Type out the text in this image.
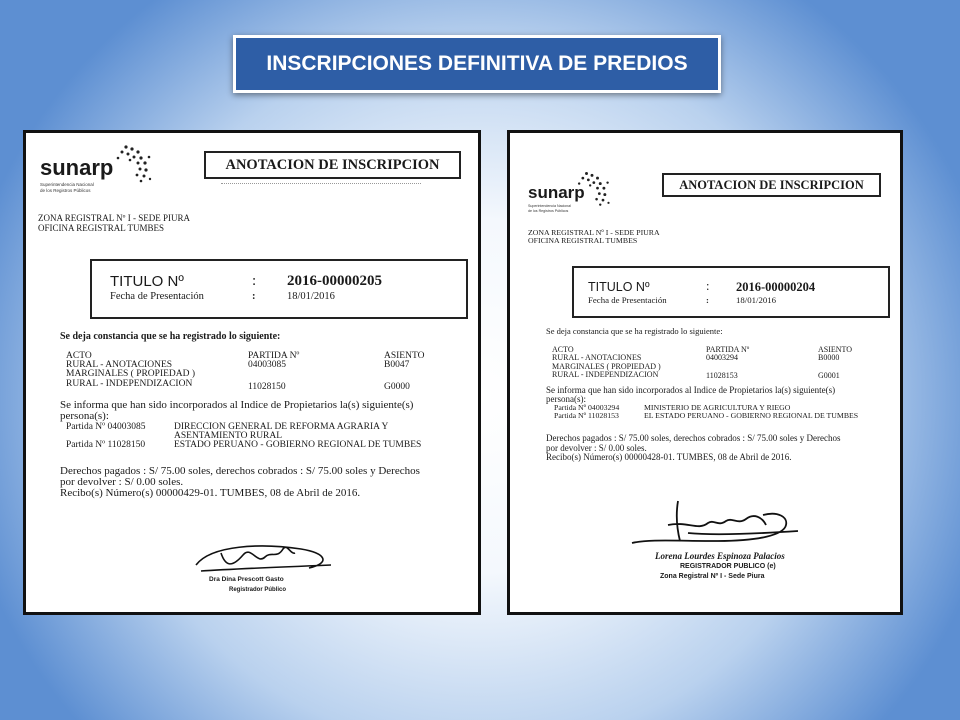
INSCRIPCIONES DEFINITIVA DE PREDIOS
sunarp
Superintendencia Nacional
de los Registros Públicos
ANOTACION DE INSCRIPCION
ZONA REGISTRAL Nº I - SEDE PIURA
OFICINA REGISTRAL TUMBES
TITULO Nº	: 2016-00000205
Fecha de Presentación	:	18/01/2016
Se deja constancia que se ha registrado lo siguiente:
ACTO	PARTIDA Nº	ASIENTO
RURAL - ANOTACIONES	04003085	B0047
MARGINALES ( PROPIEDAD )
RURAL - INDEPENDIZACION	11028150	G0000
Se informa que han sido incorporados al Indice de Propietarios la(s) siguiente(s)
persona(s):
Partida Nº 04003085	DIRECCION GENERAL DE REFORMA AGRARIA Y
ASENTAMIENTO RURAL
Partida Nº 11028150	ESTADO PERUANO - GOBIERNO REGIONAL DE TUMBES
Derechos pagados : S/ 75.00 soles, derechos cobrados : S/ 75.00 soles y Derechos
por devolver : S/ 0.00 soles.
Recibo(s) Número(s) 00000429-01. TUMBES, 08 de Abril de 2016.
Dra Dina Prescott Gasto
Registrador Público
sunarp
Superintendencia Nacional
de los Registros Públicos
ANOTACION DE INSCRIPCION
ZONA REGISTRAL Nº I - SEDE PIURA
OFICINA REGISTRAL TUMBES
TITULO Nº	: 2016-00000204
Fecha de Presentación	:	18/01/2016
Se deja constancia que se ha registrado lo siguiente:
ACTO	PARTIDA Nº	ASIENTO
RURAL - ANOTACIONES	04003294	B0000
MARGINALES ( PROPIEDAD )
RURAL - INDEPENDIZACION	11028153	G0001
Se informa que han sido incorporados al Indice de Propietarios la(s) siguiente(s)
persona(s):
Partida Nº 04003294	MINISTERIO DE AGRICULTURA Y RIEGO
Partida Nº 11028153	EL ESTADO PERUANO - GOBIERNO REGIONAL DE TUMBES
Derechos pagados : S/ 75.00 soles, derechos cobrados : S/ 75.00 soles y Derechos
por devolver : S/ 0.00 soles.
Recibo(s) Número(s) 00000428-01. TUMBES, 08 de Abril de 2016.
Lorena Lourdes Espinoza Palacios
REGISTRADOR PUBLICO (e)
Zona Registral Nº I - Sede Piura
